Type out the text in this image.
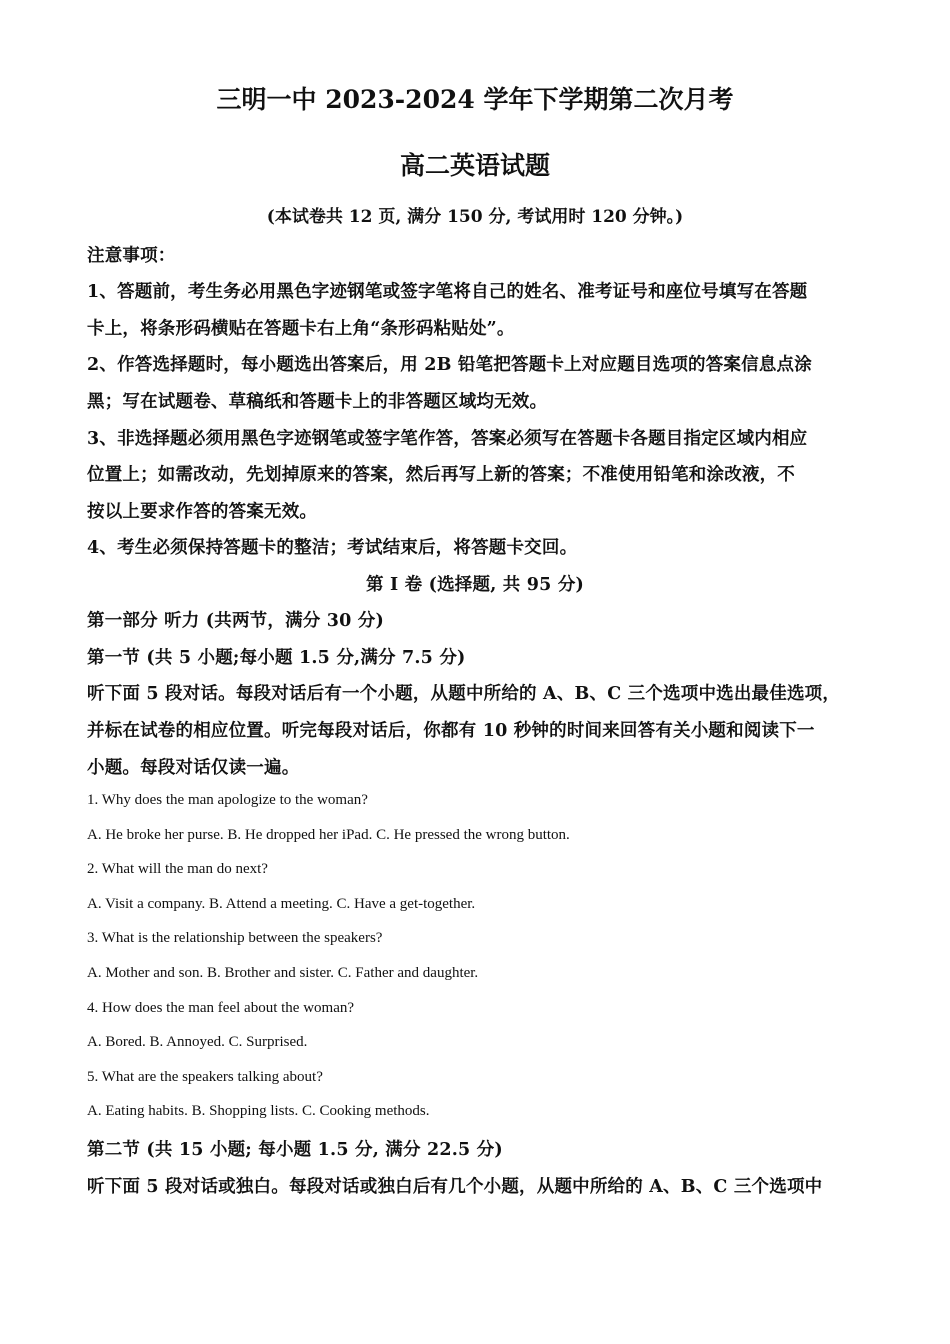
三明一中 2023-2024 学年下学期第二次月考
高二英语试题
(本试卷共 12 页, 满分 150 分, 考试用时 120 分钟。)
注意事项：
1、答题前，考生务必用黑色字迹钢笔或签字笔将自己的姓名、准考证号和座位号填写在答题
卡上，将条形码横贴在答题卡右上角“条形码粘贴处”。
2、作答选择题时，每小题选出答案后，用 2B 铅笔把答题卡上对应题目选项的答案信息点涂
黑；写在试题卷、草稿纸和答题卡上的非答题区域均无效。
3、非选择题必须用黑色字迹钢笔或签字笔作答，答案必须写在答题卡各题目指定区域内相应
位置上；如需改动，先划掉原来的答案，然后再写上新的答案；不准使用铅笔和涂改液，不
按以上要求作答的答案无效。
4、考生必须保持答题卡的整洁；考试结束后，将答题卡交回。
第 Ⅰ 卷 (选择题, 共 95 分)
第一部分 听力 (共两节，满分 30 分)
第一节 (共 5 小题;每小题 1.5 分,满分 7.5 分)
听下面 5 段对话。每段对话后有一个小题，从题中所给的 A、B、C 三个选项中选出最佳选项，
并标在试卷的相应位置。听完每段对话后，你都有 10 秒钟的时间来回答有关小题和阅读下一
小题。每段对话仅读一遍。
1. Why does the man apologize to the woman?
A. He broke her purse. B. He dropped her iPad. C. He pressed the wrong button.
2. What will the man do next?
A. Visit a company. B. Attend a meeting. C. Have a get-together.
3. What is the relationship between the speakers?
A. Mother and son. B. Brother and sister. C. Father and daughter.
4. How does the man feel about the woman?
A. Bored. B. Annoyed. C. Surprised.
5. What are the speakers talking about?
A. Eating habits. B. Shopping lists. C. Cooking methods.
第二节 (共 15 小题; 每小题 1.5 分, 满分 22.5 分)
听下面 5 段对话或独白。每段对话或独白后有几个小题，从题中所给的 A、B、C 三个选项中
